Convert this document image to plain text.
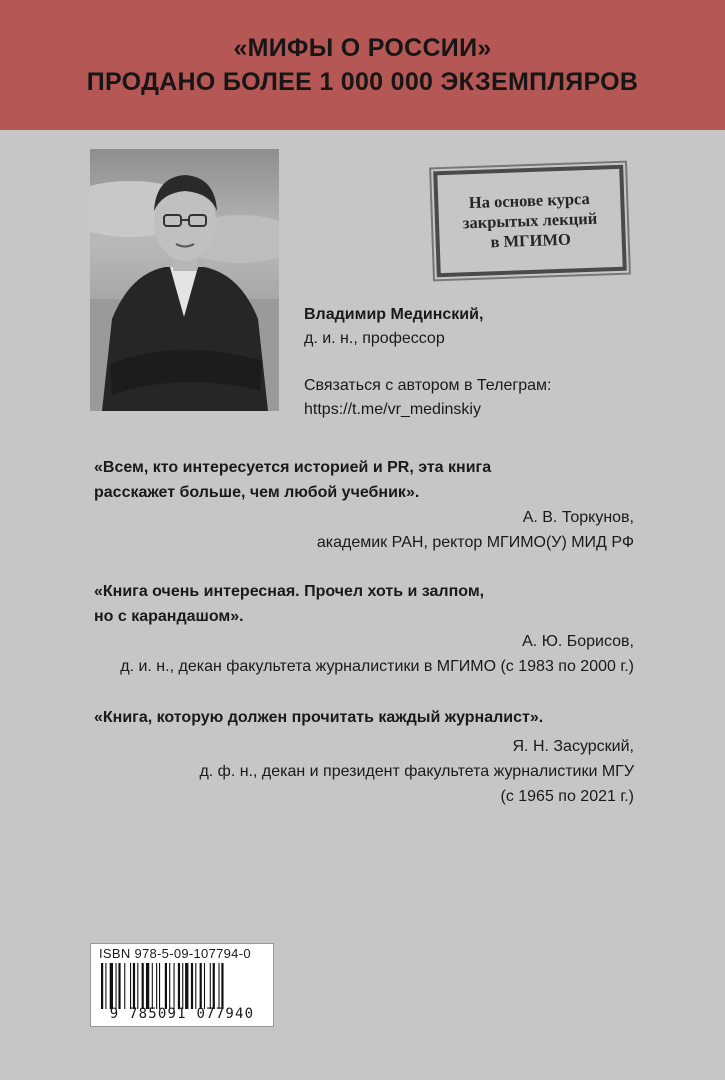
«МИФЫ О РОССИИ»
ПРОДАНО БОЛЕЕ 1 000 000 ЭКЗЕМПЛЯРОВ
На основе курса
закрытых лекций
в МГИМО
Владимир Мединский,
д. и. н., профессор
Связаться с автором в Телеграм:
https://t.me/vr_medinskiy
«Всем, кто интересуется историей и PR, эта книга
расскажет больше, чем любой учебник».
А. В. Торкунов,
академик РАН, ректор МГИМО(У) МИД РФ
«Книга очень интересная. Прочел хоть и залпом,
но с карандашом».
А. Ю. Борисов,
д. и. н., декан факультета журналистики в МГИМО (с 1983 по 2000 г.)
«Книга, которую должен прочитать каждый журналист».
Я. Н. Засурский,
д. ф. н., декан и президент факультета журналистики МГУ
(с 1965 по 2021 г.)
ISBN 978-5-09-107794-0
9 785091 077940
